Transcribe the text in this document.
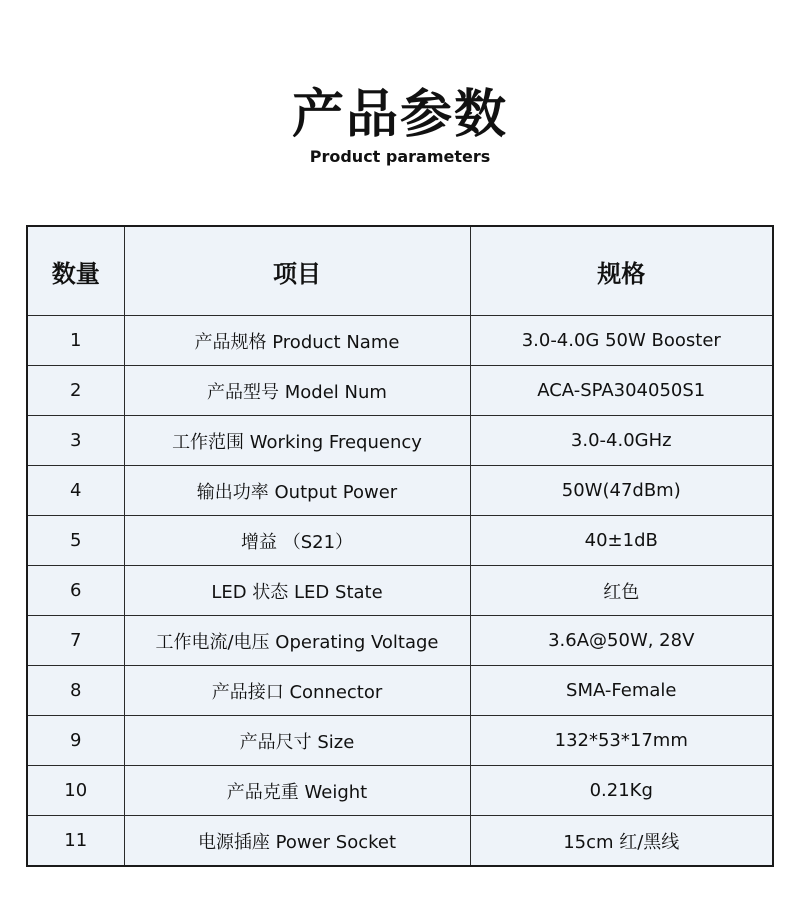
产品参数
Product parameters
数量	项目	规格
1	产品规格 Product Name	3.0-4.0G 50W Booster
2	产品型号 Model Num	ACA-SPA304050S1
3	工作范围 Working Frequency	3.0-4.0GHz
4	输出功率 Output Power	50W(47dBm)
5	增益 （S21）	40±1dB
6	LED 状态 LED State	红色
7	工作电流/电压 Operating Voltage	3.6A@50W, 28V
8	产品接口 Connector	SMA-Female
9	产品尺寸 Size	132*53*17mm
10	产品克重 Weight	0.21Kg
11	电源插座 Power Socket	15cm 红/黑线
